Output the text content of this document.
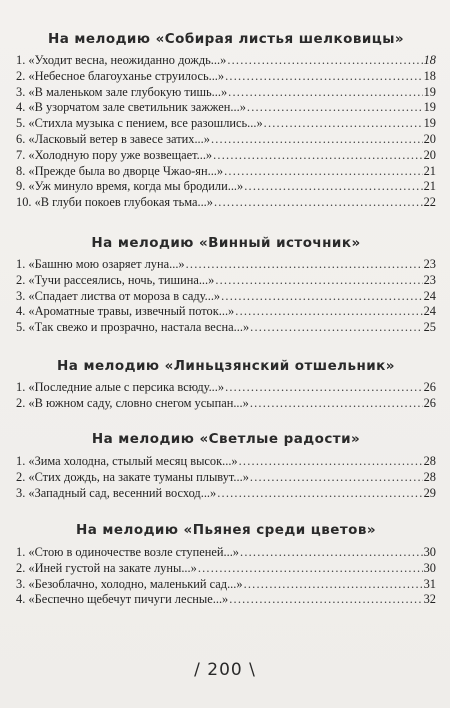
На мелодию «Собирая листья шелковицы»
1. «Уходит весна, неожиданно дождь...» .....	18
2. «Небесное благоуханье струилось...» .....	18
3. «В маленьком зале глубокую тишь...» .....	19
4. «В узорчатом зале светильник зажжен...» .....	19
5. «Стихла музыка с пением, все разошлись...» .....	19
6. «Ласковый ветер в завесе затих...» .....	20
7. «Холодную пору уже возвещает...» .....	20
8. «Прежде была во дворце Чжао-ян...» .....	21
9. «Уж минуло время, когда мы бродили...» .....	21
10. «В глуби покоев глубокая тьма...» .....	22
На мелодию «Винный источник»
1. «Башню мою озаряет луна...» .....	23
2. «Тучи рассеялись, ночь, тишина...» .....	23
3. «Спадает листва от мороза в саду...» .....	24
4. «Ароматные травы, извечный поток...» .....	24
5. «Так свежо и прозрачно, настала весна...» .....	25
На мелодию «Линьцзянский отшельник»
1. «Последние алые с персика всюду...» .....	26
2. «В южном саду, словно снегом усыпан...» .....	26
На мелодию «Светлые радости»
1. «Зима холодна, стылый месяц высок...» .....	28
2. «Стих дождь, на закате туманы плывут...» .....	28
3. «Западный сад, весенний восход...» .....	29
На мелодию «Пьянея среди цветов»
1. «Стою в одиночестве возле ступеней...» .....	30
2. «Иней густой на закате луны...» .....	30
3. «Безоблачно, холодно, маленький сад...» .....	31
4. «Беспечно щебечут пичуги лесные...» .....	32
/ 200 \
